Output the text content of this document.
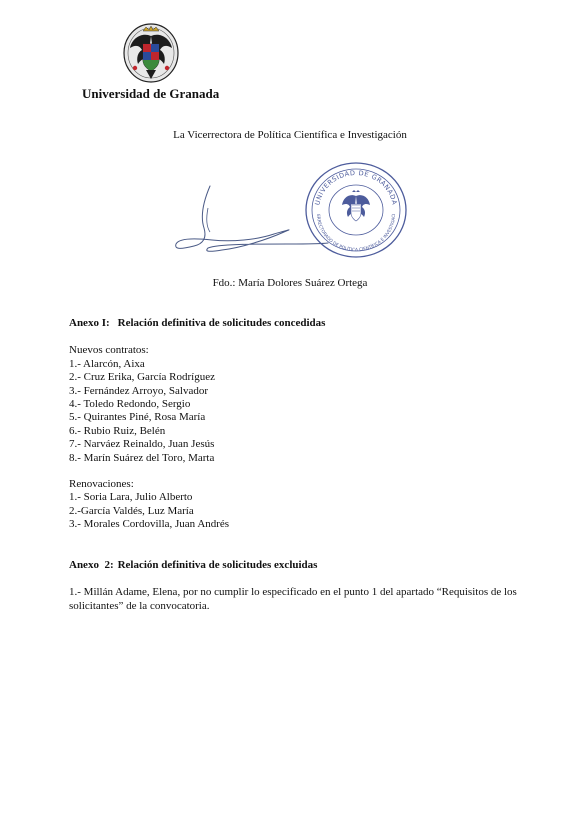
Universidad de Granada
La Vicerrectora de Política Científica e Investigación
UNIVERSIDAD DE GRANADA
ERRECTORADO DE POLÍTICA CIENTÍFICA E INVESTIGACI
Fdo.: María Dolores Suárez Ortega

Anexo I: Relación definitiva de solicitudes concedidas

Nuevos contratos:

1.- Alarcón, Aixa
2.- Cruz Erika, García Rodríguez
3.- Fernández Arroyo, Salvador
4.- Toledo Redondo, Sergio
5.- Quirantes Piné, Rosa María
6.- Rubio Ruiz, Belén
7.- Narváez Reinaldo, Juan Jesús
8.- Marín Suárez del Toro, Marta

Renovaciones:

1.- Soria Lara, Julio Alberto
2.-García Valdés, Luz María
3.- Morales Cordovilla, Juan Andrés

Anexo  2: Relación definitiva de solicitudes excluidas

1.- Millán Adame, Elena, por no cumplir lo especificado en el punto 1 del apartado “Requisitos de los solicitantes” de la convocatoria.
